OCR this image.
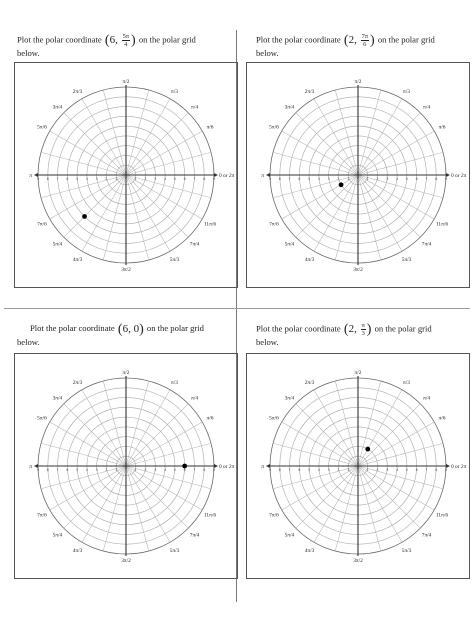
Plot the polar coordinate (6, $\frac{5\pi}{4}$ ) on the polar grid
below.
1
1	2
2	3
3	4
4	5
5	6
6	7
7	8
8	9
9	0 or 2π
π/6
π/4
π/3
π/2
2π/3
3π/4
5π/6
π
7π/6
5π/4
4π/3
3π/2
5π/3
7π/4
11π/6
Plot the polar coordinate (2, $\frac{7\pi}{6}$ ) on the polar grid
below.
1
1	2
2	3
3	4
4	5
5	6
6	7
7	8
8	9
9	0 or 2π
π/6
π/4
π/3
π/2
2π/3
3π/4
5π/6
π
7π/6
5π/4
4π/3
3π/2
5π/3
7π/4
11π/6
Plot the polar coordinate (6, 0) on the polar grid
below.
1
1	2
2	3
3	4
4	5
5	6
6	7
7	8
8	9
9	0 or 2π
π/6
π/4
π/3
π/2
2π/3
3π/4
5π/6
π
7π/6
5π/4
4π/3
3π/2
5π/3
7π/4
11π/6
Plot the polar coordinate (2, $\frac{\pi}{3}$ ) on the polar grid
below.
1
1	2
2	3
3	4
4	5
5	6
6	7
7	8
8	9
9	0 or 2π
π/6
π/4
π/3
π/2
2π/3
3π/4
5π/6
π
7π/6
5π/4
4π/3
3π/2
5π/3
7π/4
11π/6
